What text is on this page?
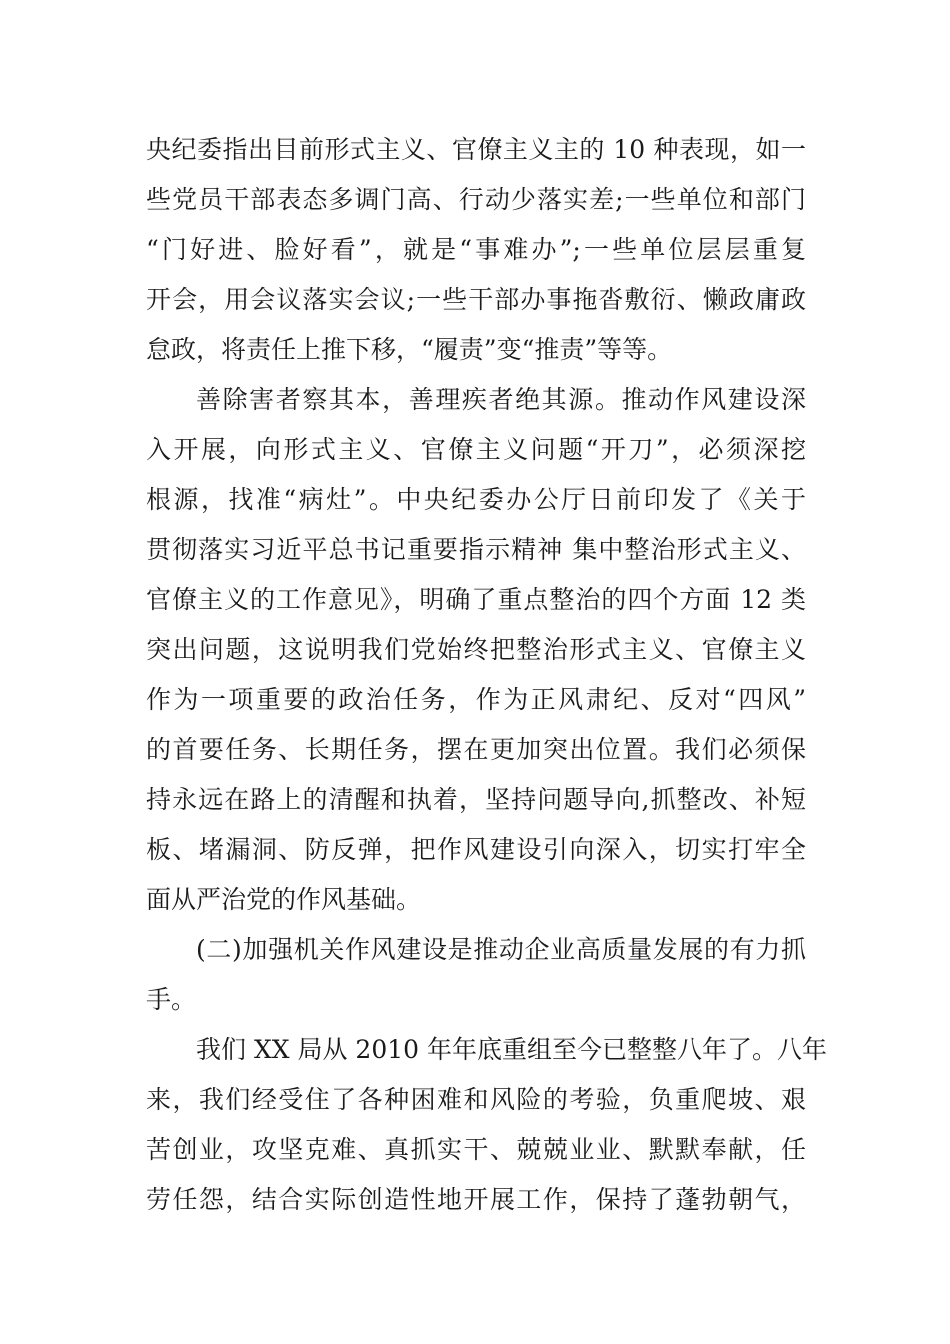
央纪委指出目前形式主义、官僚主义主的 10 种表现，如一
些党员干部表态多调门高、行动少落实差;一些单位和部门
“门好进、脸好看”，就是“事难办”;一些单位层层重复
开会，用会议落实会议;一些干部办事拖沓敷衍、懒政庸政
怠政，将责任上推下移，“履责”变“推责”等等。
善除害者察其本，善理疾者绝其源。推动作风建设深
入开展，向形式主义、官僚主义问题“开刀”，必须深挖
根源，找准“病灶”。中央纪委办公厅日前印发了《关于
贯彻落实习近平总书记重要指示精神 集中整治形式主义、
官僚主义的工作意见》，明确了重点整治的四个方面 12 类
突出问题，这说明我们党始终把整治形式主义、官僚主义
作为一项重要的政治任务，作为正风肃纪、反对“四风”
的首要任务、长期任务，摆在更加突出位置。我们必须保
持永远在路上的清醒和执着，坚持问题导向,抓整改、补短
板、堵漏洞、防反弹，把作风建设引向深入，切实打牢全
面从严治党的作风基础。
(二)加强机关作风建设是推动企业高质量发展的有力抓
手。
我们 XX 局从 2010 年年底重组至今已整整八年了。八年
来，我们经受住了各种困难和风险的考验，负重爬坡、艰
苦创业，攻坚克难、真抓实干、兢兢业业、默默奉献，任
劳任怨，结合实际创造性地开展工作，保持了蓬勃朝气，
